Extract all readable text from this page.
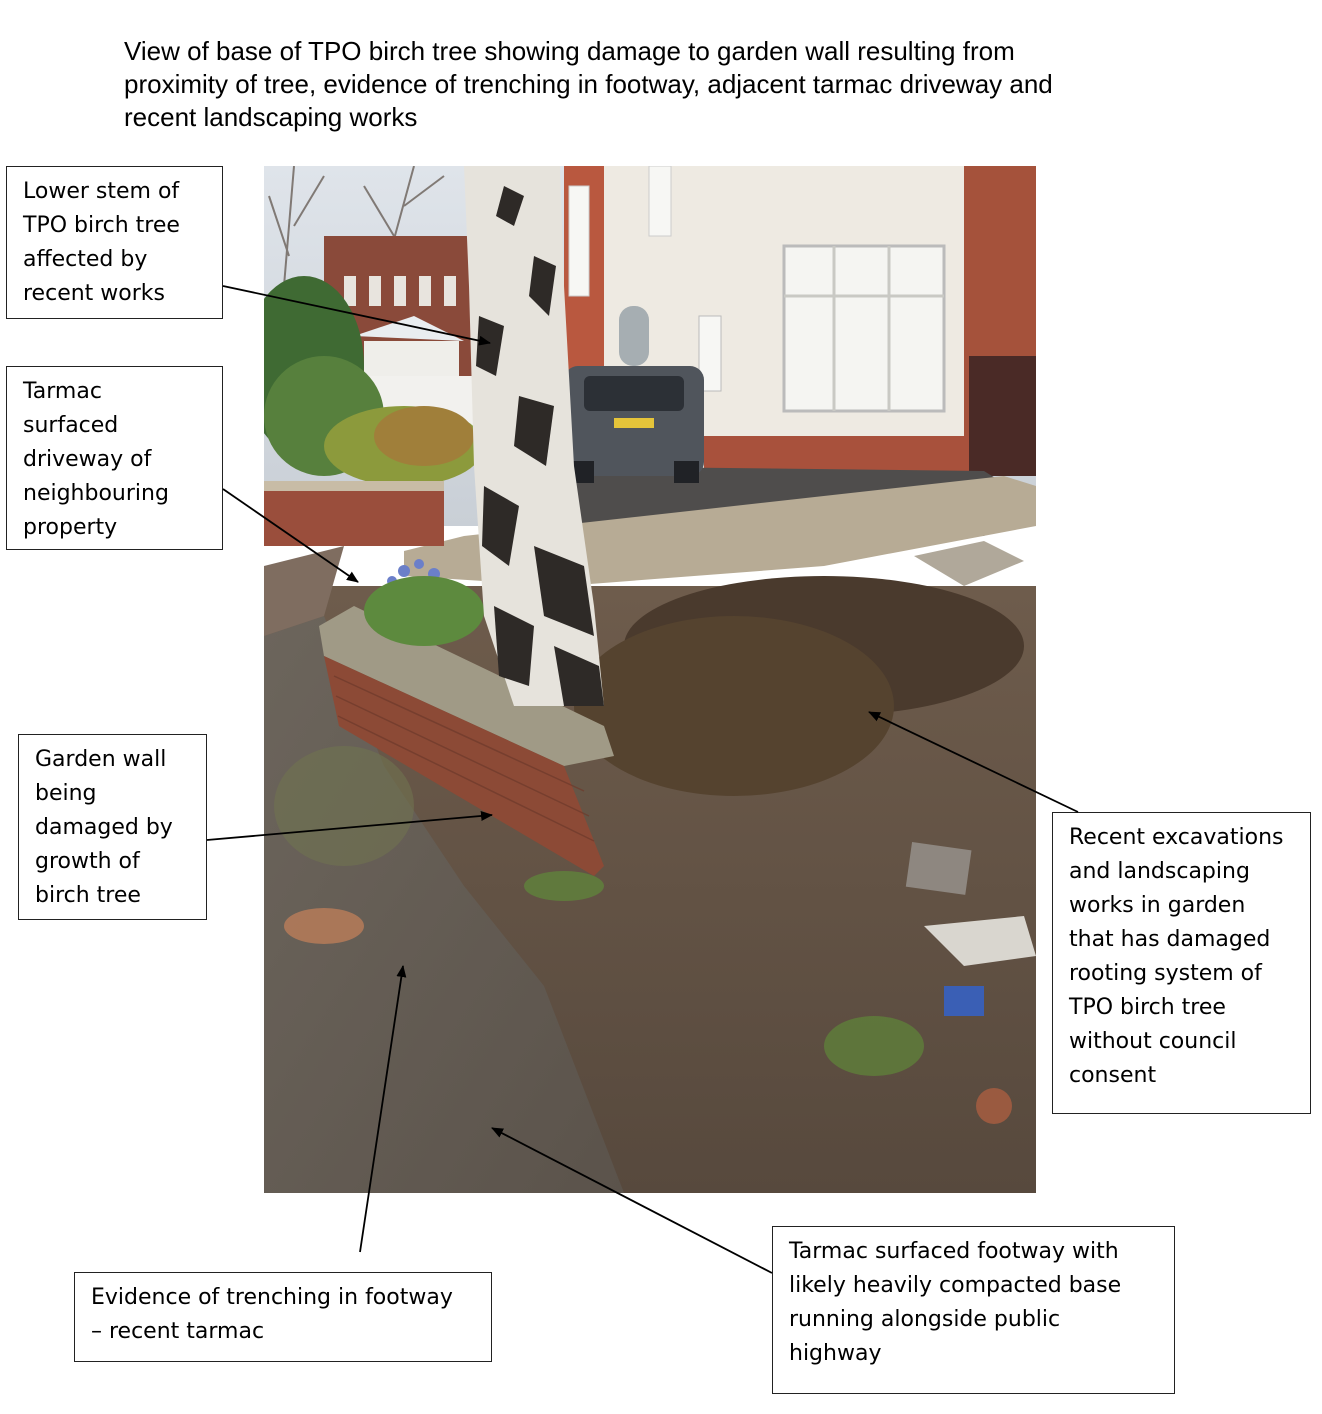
View of base of TPO birch tree showing damage to garden wall resulting from
proximity of tree, evidence of trenching in footway, adjacent tarmac driveway and
recent landscaping works
Lower stem of
TPO birch tree
affected by
recent works
Tarmac
surfaced
driveway of
neighbouring
property
Garden wall
being
damaged by
growth of
birch tree
Recent excavations
and landscaping
works in garden
that has damaged
rooting system of
TPO birch tree
without council
consent
Evidence of trenching in footway
– recent tarmac
Tarmac surfaced footway with
likely heavily compacted base
running alongside public
highway
